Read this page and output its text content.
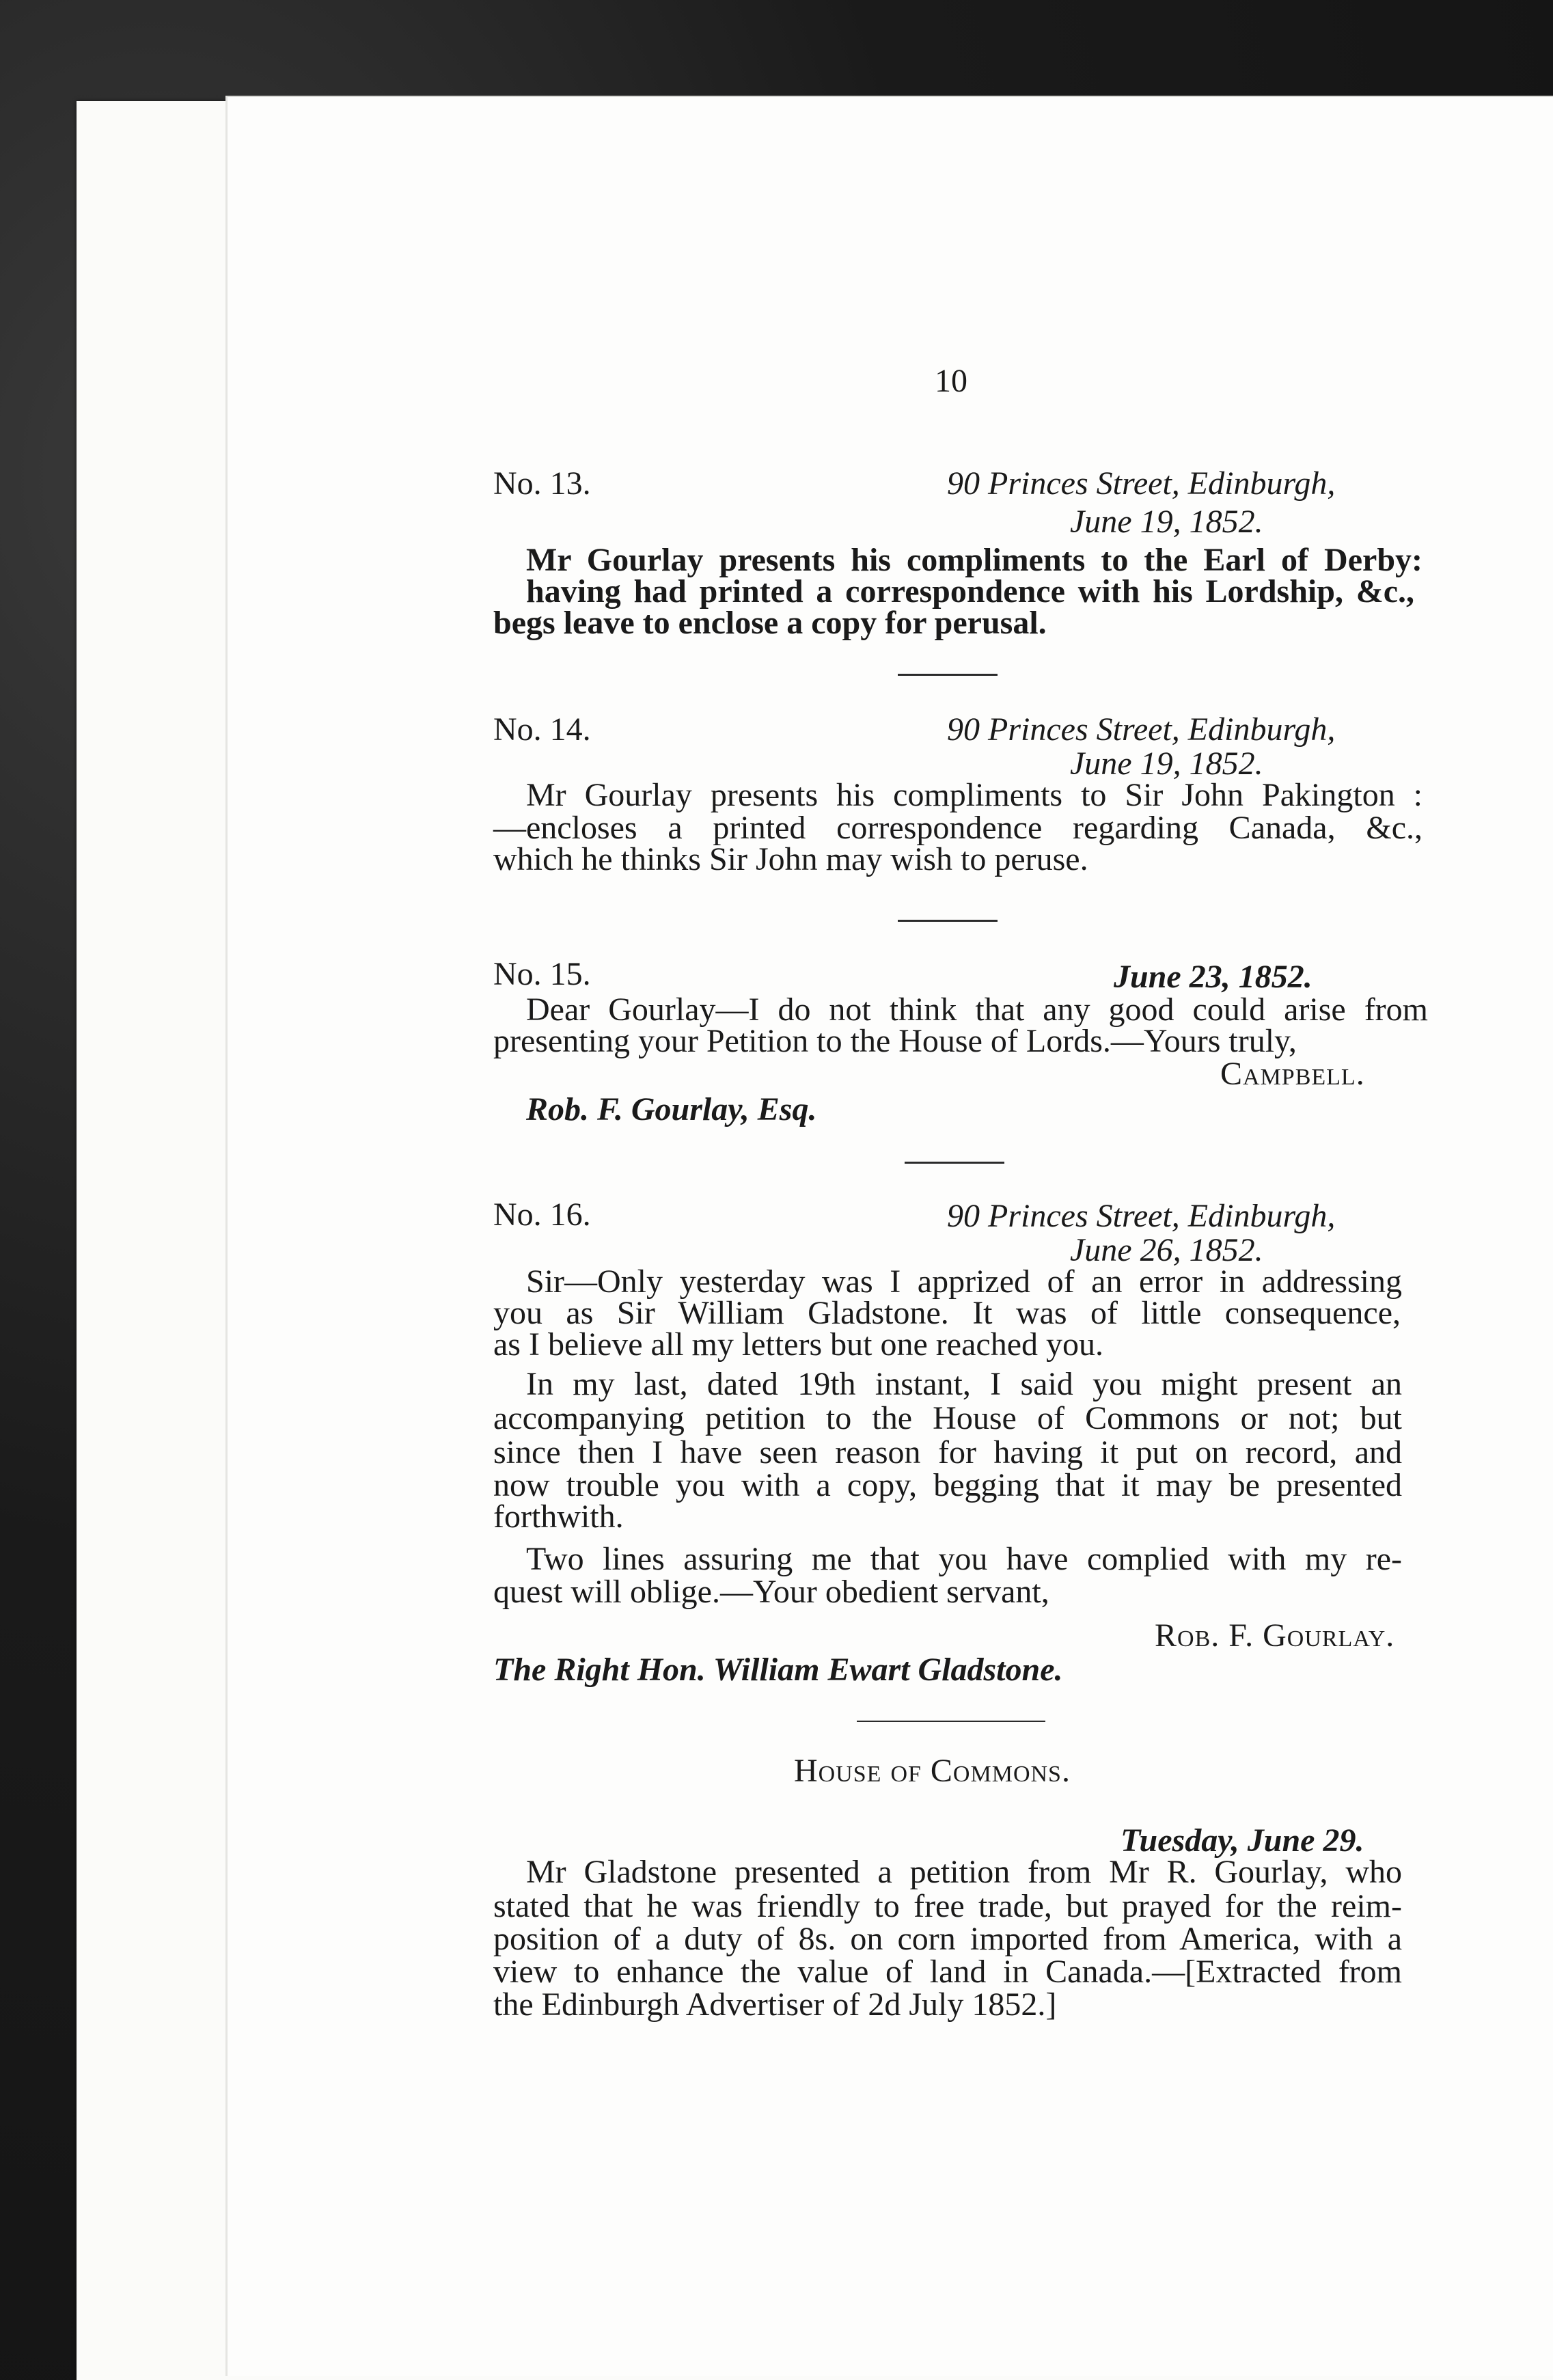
10
No. 13.	90 Princes Street, Edinburgh,
June 19, 1852.
Mr Gourlay presents his compliments to the Earl of Derby:
having had printed a correspondence with his Lordship, &c.,
begs leave to enclose a copy for perusal.
No. 14.	90 Princes Street, Edinburgh,
June 19, 1852.
Mr Gourlay presents his compliments to Sir John Pakington :
—encloses a printed correspondence regarding Canada, &c.,
which he thinks Sir John may wish to peruse.
No. 15.	June 23, 1852.
Dear Gourlay—I do not think that any good could arise from
presenting your Petition to the House of Lords.—Yours truly,
Campbell.
Rob. F. Gourlay, Esq.
No. 16.	90 Princes Street, Edinburgh,
June 26, 1852.
Sir—Only yesterday was I apprized of an error in addressing
you as Sir William Gladstone. It was of little consequence,
as I believe all my letters but one reached you.
In my last, dated 19th instant, I said you might present an
accompanying petition to the House of Commons or not; but
since then I have seen reason for having it put on record, and
now trouble you with a copy, begging that it may be presented
forthwith.
Two lines assuring me that you have complied with my re-
quest will oblige.—Your obedient servant,
Rob. F. Gourlay.
The Right Hon. William Ewart Gladstone.
House of Commons.
Tuesday, June 29.
Mr Gladstone presented a petition from Mr R. Gourlay, who
stated that he was friendly to free trade, but prayed for the reim-
position of a duty of 8s. on corn imported from America, with a
view to enhance the value of land in Canada.—[Extracted from
the Edinburgh Advertiser of 2d July 1852.]
